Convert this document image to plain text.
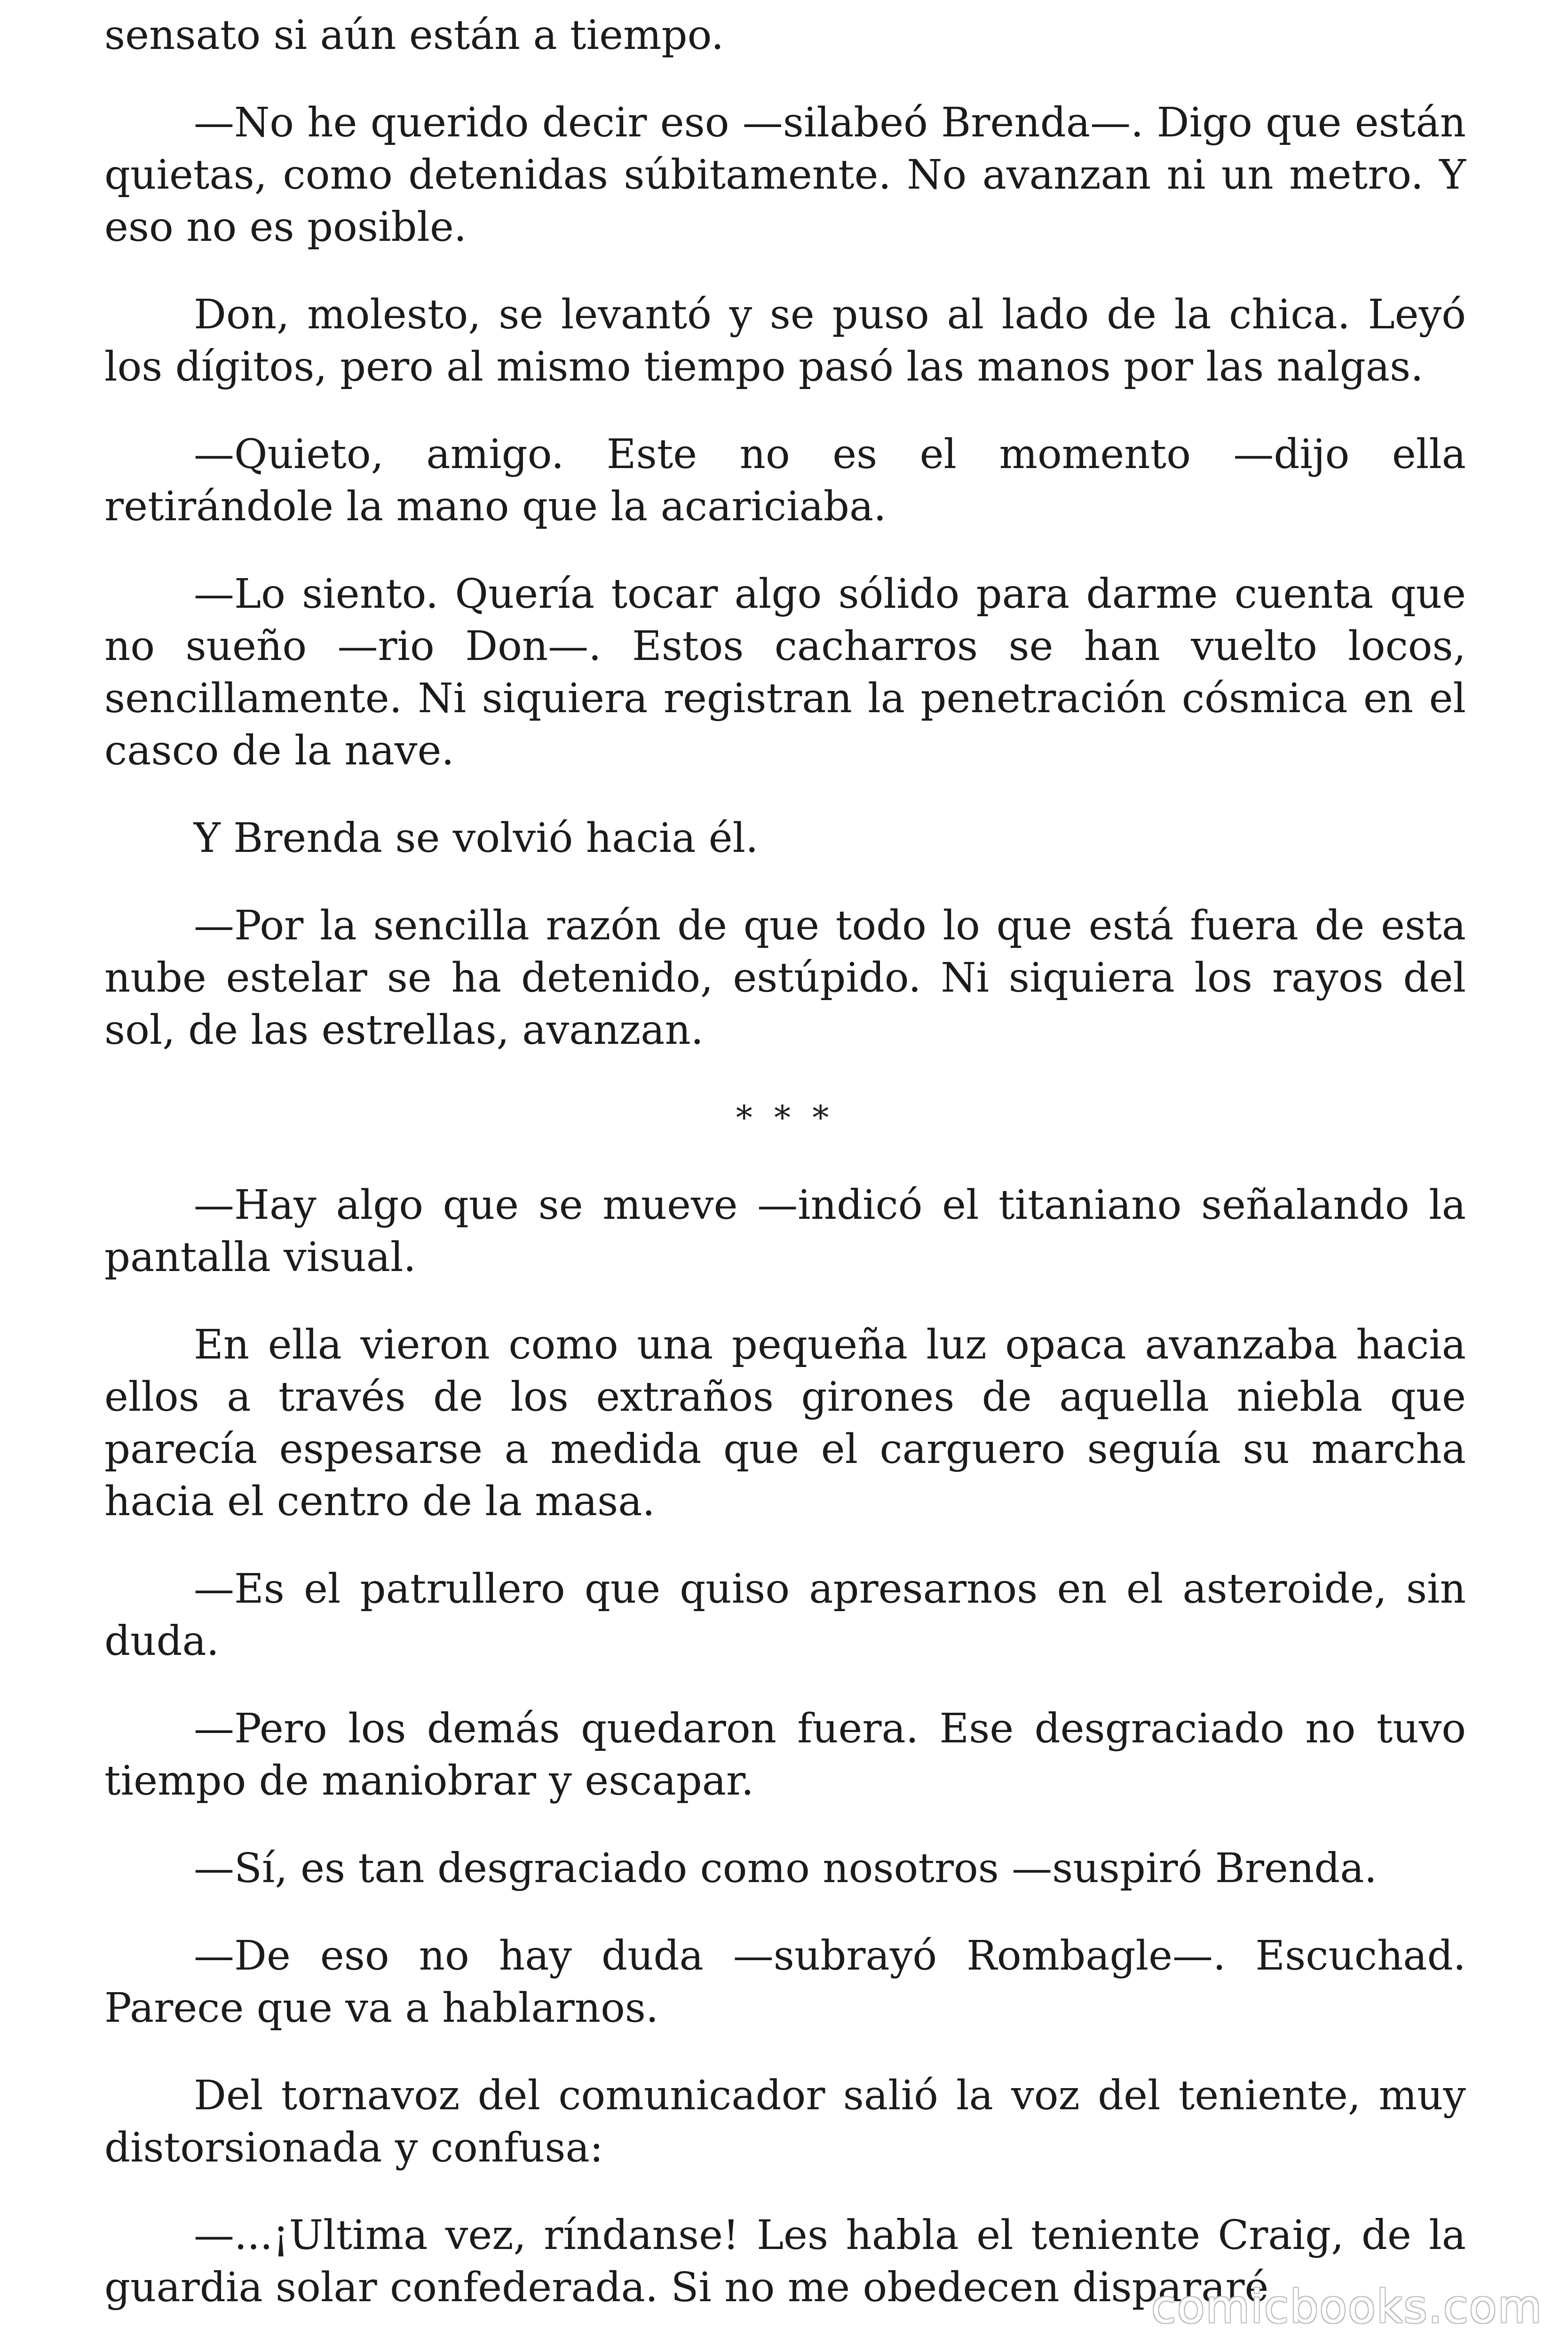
sensato si aún están a tiempo.

—No he querido decir eso —silabeó Brenda—. Digo que están quietas, como detenidas súbitamente. No avanzan ni un metro. Y eso no es posible.

Don, molesto, se levantó y se puso al lado de la chica. Leyó los dígitos, pero al mismo tiempo pasó las manos por las nalgas.

—Quieto, amigo. Este no es el momento —dijo ella retirándole la mano que la acariciaba.

—Lo siento. Quería tocar algo sólido para darme cuenta que no sueño —rio Don—. Estos cacharros se han vuelto locos, sencillamente. Ni siquiera registran la penetración cósmica en el casco de la nave.

Y Brenda se volvió hacia él.

—Por la sencilla razón de que todo lo que está fuera de esta nube estelar se ha detenido, estúpido. Ni siquiera los rayos del sol, de las estrellas, avanzan.

* * *

—Hay algo que se mueve —indicó el titaniano señalando la pantalla visual.

En ella vieron como una pequeña luz opaca avanzaba hacia ellos a través de los extraños girones de aquella niebla que parecía espesarse a medida que el carguero seguía su marcha hacia el centro de la masa.

—Es el patrullero que quiso apresarnos en el asteroide, sin duda.

—Pero los demás quedaron fuera. Ese desgraciado no tuvo tiempo de maniobrar y escapar.

—Sí, es tan desgraciado como nosotros —suspiró Brenda.

—De eso no hay duda —subrayó Rombagle—. Escuchad. Parece que va a hablarnos.

Del tornavoz del comunicador salió la voz del teniente, muy distorsionada y confusa:

—...¡Ultima vez, ríndanse! Les habla el teniente Craig, de la guardia solar confederada. Si no me obedecen dispararé.

comicbooks.com
